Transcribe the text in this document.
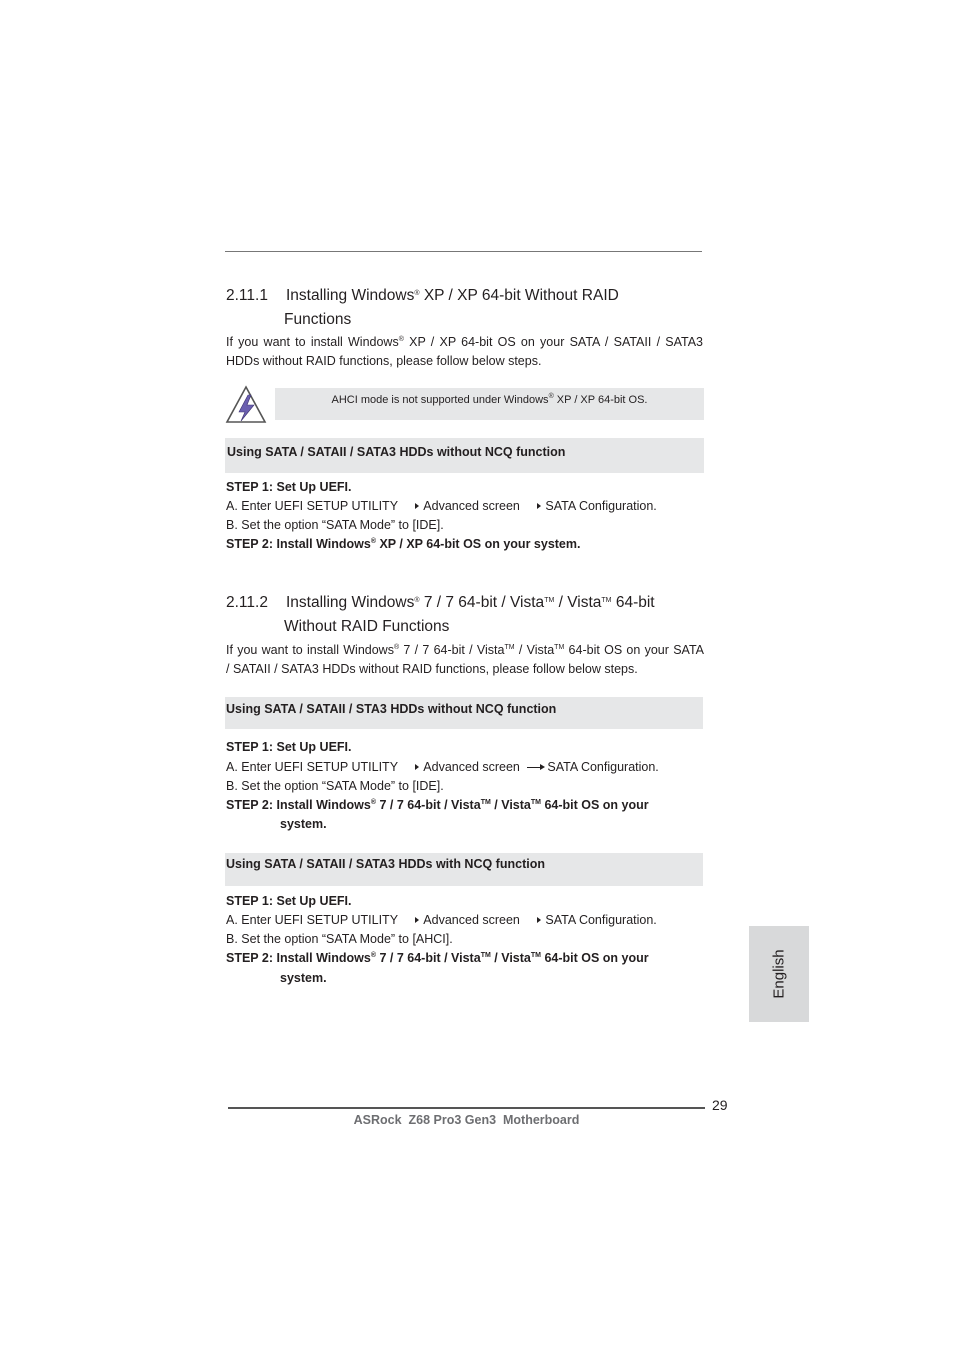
2.11.1 Installing Windows® XP / XP 64-bit Without RAID
Functions
If you want to install Windows® XP / XP 64-bit OS on your SATA / SATAII / SATA3
HDDs without RAID functions, please follow below steps.
AHCI mode is not supported under Windows® XP / XP 64-bit OS.
Using SATA / SATAII / SATA3 HDDs without NCQ function
STEP 1: Set Up UEFI.
A. Enter UEFI SETUP UTILITY Advanced screen SATA Configuration.
B. Set the option “SATA Mode” to [IDE].
STEP 2: Install Windows® XP / XP 64-bit OS on your system.
2.11.2 Installing Windows® 7 / 7 64-bit / Vista™ / Vista™ 64-bit
Without RAID Functions
If you want to install Windows® 7 / 7 64-bit / Vista™ / Vista™ 64-bit OS on your SATA
/ SATAII / SATA3 HDDs without RAID functions, please follow below steps.
Using SATA / SATAII / STA3 HDDs without NCQ function
STEP 1: Set Up UEFI.
A. Enter UEFI SETUP UTILITY Advanced screen SATA Configuration.
B. Set the option “SATA Mode” to [IDE].
STEP 2: Install Windows® 7 / 7 64-bit / Vista™ / Vista™ 64-bit OS on your
system.
Using SATA / SATAII / SATA3 HDDs with NCQ function
STEP 1: Set Up UEFI.
A. Enter UEFI SETUP UTILITY Advanced screen SATA Configuration.
B. Set the option “SATA Mode” to [AHCI].
STEP 2: Install Windows® 7 / 7 64-bit / Vista™ / Vista™ 64-bit OS on your
system.	English
29
ASRock  Z68 Pro3 Gen3  Motherboard
